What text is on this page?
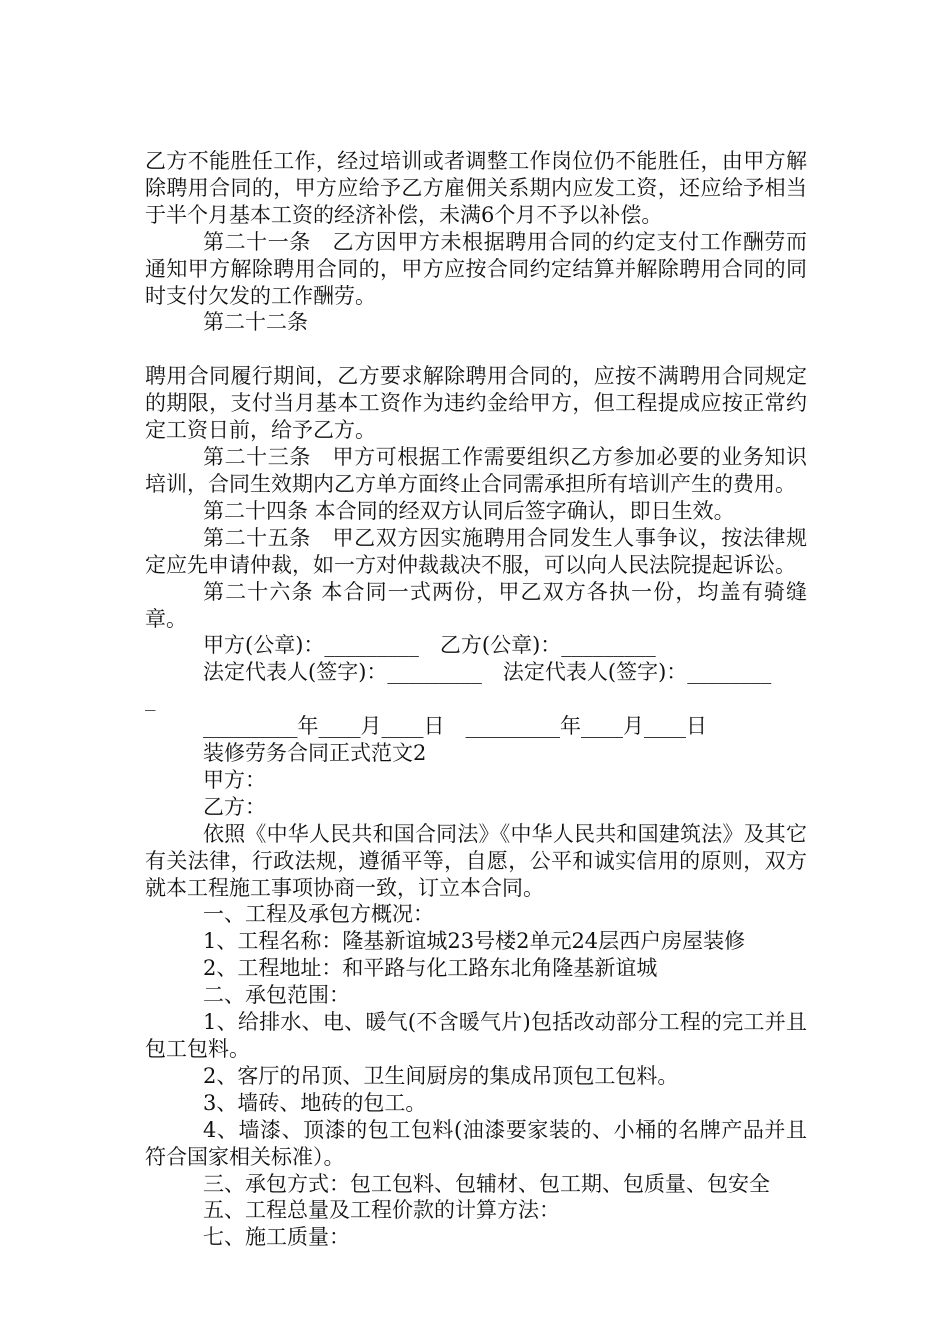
乙方不能胜任工作，经过培训或者调整工作岗位仍不能胜任，由甲方解除聘用合同的，甲方应给予乙方雇佣关系期内应发工资，还应给予相当于半个月基本工资的经济补偿，未满6个月不予以补偿。

第二十一条　乙方因甲方未根据聘用合同的约定支付工作酬劳而通知甲方解除聘用合同的，甲方应按合同约定结算并解除聘用合同的同时支付欠发的工作酬劳。

第二十二条

聘用合同履行期间，乙方要求解除聘用合同的，应按不满聘用合同规定的期限，支付当月基本工资作为违约金给甲方，但工程提成应按正常约定工资日前，给予乙方。

第二十三条　甲方可根据工作需要组织乙方参加必要的业务知识培训，合同生效期内乙方单方面终止合同需承担所有培训产生的费用。

第二十四条 本合同的经双方认同后签字确认，即日生效。

第二十五条　甲乙双方因实施聘用合同发生人事争议，按法律规定应先申请仲裁，如一方对仲裁裁决不服，可以向人民法院提起诉讼。

第二十六条 本合同一式两份，甲乙双方各执一份，均盖有骑缝章。

甲方(公章)：_________　乙方(公章)：_________

法定代表人(签字)：_________　法定代表人(签字)：________

_

_________年____月____日　_________年____月____日

装修劳务合同正式范文2

甲方：

乙方：

依照《中华人民共和国合同法》《中华人民共和国建筑法》及其它有关法律，行政法规，遵循平等，自愿，公平和诚实信用的原则，双方就本工程施工事项协商一致，订立本合同。

一、工程及承包方概况：

1、工程名称：隆基新谊城23号楼2单元24层西户房屋装修

2、工程地址：和平路与化工路东北角隆基新谊城

二、承包范围：

1、给排水、电、暖气(不含暖气片)包括改动部分工程的完工并且包工包料。

2、客厅的吊顶、卫生间厨房的集成吊顶包工包料。

3、墙砖、地砖的包工。

4、墙漆、顶漆的包工包料(油漆要家装的、小桶的名牌产品并且符合国家相关标准）。

三、承包方式：包工包料、包辅材、包工期、包质量、包安全

五、工程总量及工程价款的计算方法：

七、施工质量：
